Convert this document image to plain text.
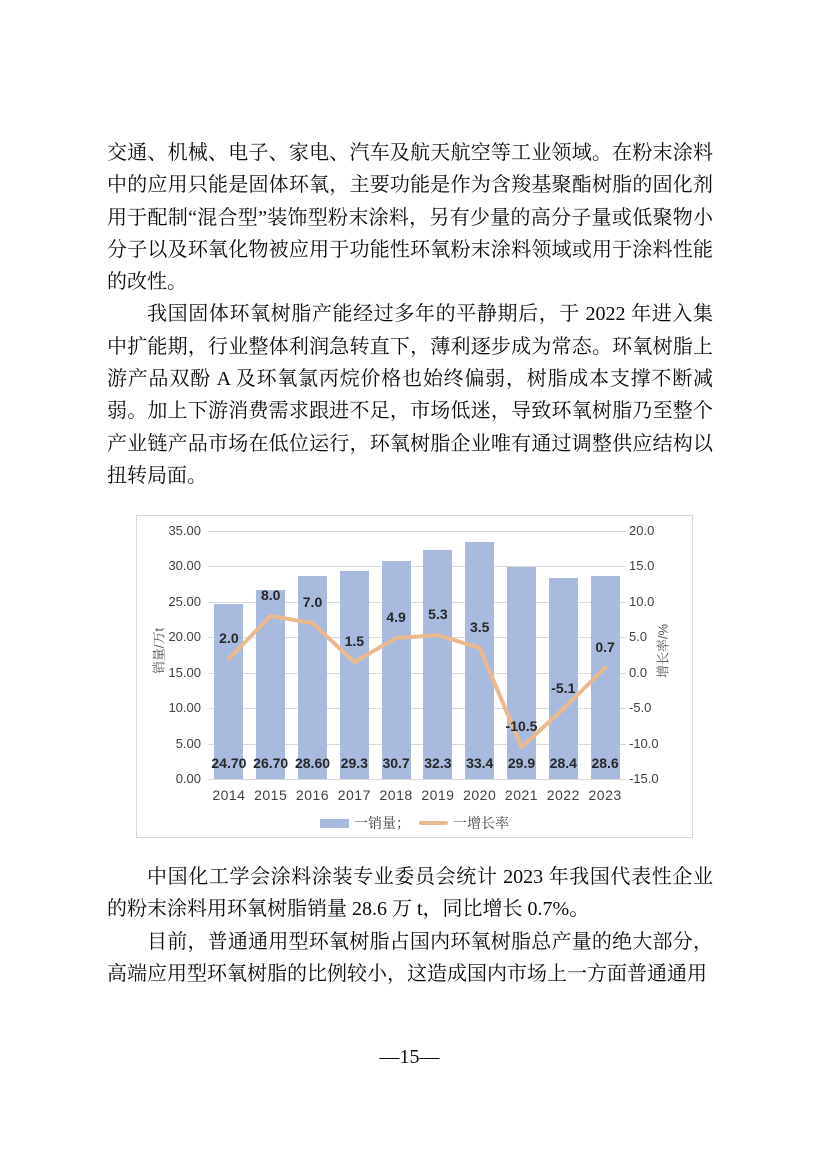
交通、机械、电子、家电、汽车及航天航空等工业领域。在粉末涂料中的应用只能是固体环氧，主要功能是作为含羧基聚酯树脂的固化剂用于配制“混合型”装饰型粉末涂料，另有少量的高分子量或低聚物小分子以及环氧化物被应用于功能性环氧粉末涂料领域或用于涂料性能的改性。

我国固体环氧树脂产能经过多年的平静期后，于 2022 年进入集中扩能期，行业整体利润急转直下，薄利逐步成为常态。环氧树脂上游产品双酚 A 及环氧氯丙烷价格也始终偏弱，树脂成本支撑不断减弱。加上下游消费需求跟进不足，市场低迷，导致环氧树脂乃至整个产业链产品市场在低位运行，环氧树脂企业唯有通过调整供应结构以扭转局面。

24.70 26.70 28.60 29.3 30.7 32.3 33.4 29.9 28.4 28.6
2.0
8.0 7.0
1.5
4.9 5.3
3.5
-10.5
-5.1
0.7
销量/万t	增长率/%
一销量；	一增长率
35.00
30.00
25.00
20.00
15.00
10.00
5.00
0.00
20.0
15.0
10.0
5.0
0.0
-5.0
-10.0
-15.0
2014 2015 2016 2017 2018 2019 2020 2021 2022 2023

中国化工学会涂料涂装专业委员会统计 2023 年我国代表性企业的粉末涂料用环氧树脂销量 28.6 万 t，同比增长 0.7%。

目前，普通通用型环氧树脂占国内环氧树脂总产量的绝大部分，高端应用型环氧树脂的比例较小，这造成国内市场上一方面普通通用

—15—
